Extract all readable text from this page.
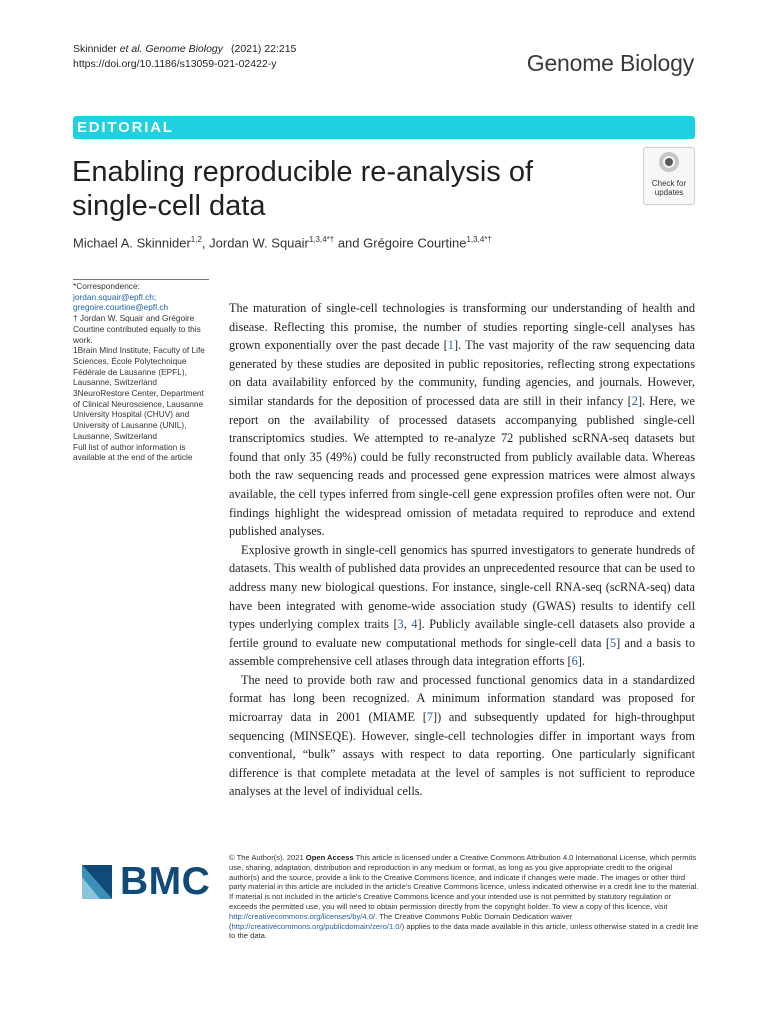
Skinnider et al. Genome Biology (2021) 22:215
https://doi.org/10.1186/s13059-021-02422-y	Genome Biology
EDITORIAL
Enabling reproducible re-analysis of single-cell data
Check for updates
Michael A. Skinnider$^{1,2}$, Jordan W. Squair$^{1,3,4*\dagger}$ and Grégoire Courtine$^{1,3,4*\dagger}$
*Correspondence:
jordan.squair@epfl.ch;
gregoire.courtine@epfl.ch
† Jordan W. Squair and Grégoire Courtine contributed equally to this work.
1Brain Mind Institute, Faculty of Life Sciences, École Polytechnique Fédérale de Lausanne (EPFL), Lausanne, Switzerland
3NeuroRestore Center, Department of Clinical Neuroscience, Lausanne University Hospital (CHUV) and University of Lausanne (UNIL), Lausanne, Switzerland
Full list of author information is available at the end of the article

The maturation of single-cell technologies is transforming our understanding of health and disease. Reflecting this promise, the number of studies reporting single-cell analyses has grown exponentially over the past decade [1]. The vast majority of the raw sequencing data generated by these studies are deposited in public repositories, reflecting strong expectations on data availability enforced by the community, funding agencies, and journals. However, similar standards for the deposition of processed data are still in their infancy [2]. Here, we report on the availability of processed datasets accompanying published single-cell transcriptomics studies. We attempted to re-analyze 72 published scRNA-seq datasets but found that only 35 (49%) could be fully reconstructed from publicly available data. Whereas both the raw sequencing reads and processed gene expression matrices were almost always available, the cell types inferred from single-cell gene expression profiles often were not. Our findings highlight the widespread omission of metadata required to reproduce and extend published analyses.

Explosive growth in single-cell genomics has spurred investigators to generate hundreds of datasets. This wealth of published data provides an unprecedented resource that can be used to address many new biological questions. For instance, single-cell RNA-seq (scRNA-seq) data have been integrated with genome-wide association study (GWAS) results to identify cell types underlying complex traits [3, 4]. Publicly available single-cell datasets also provide a fertile ground to evaluate new computational methods for single-cell data [5] and a basis to assemble comprehensive cell atlases through data integration efforts [6].

The need to provide both raw and processed functional genomics data in a standardized format has long been recognized. A minimum information standard was proposed for microarray data in 2001 (MIAME [7]) and subsequently updated for high-throughput sequencing (MINSEQE). However, single-cell technologies differ in important ways from conventional, “bulk” assays with respect to data reporting. One particularly significant difference is that complete metadata at the level of samples is not sufficient to reproduce analyses at the level of individual cells.

BMC
© The Author(s). 2021 Open Access This article is licensed under a Creative Commons Attribution 4.0 International License, which permits use, sharing, adaptation, distribution and reproduction in any medium or format, as long as you give appropriate credit to the original author(s) and the source, provide a link to the Creative Commons licence, and indicate if changes were made. The images or other third party material in this article are included in the article's Creative Commons licence, unless indicated otherwise in a credit line to the material. If material is not included in the article's Creative Commons licence and your intended use is not permitted by statutory regulation or exceeds the permitted use, you will need to obtain permission directly from the copyright holder. To view a copy of this licence, visit http://creativecommons.org/licenses/by/4.0/. The Creative Commons Public Domain Dedication waiver (http://creativecommons.org/publicdomain/zero/1.0/) applies to the data made available in this article, unless otherwise stated in a credit line to the data.
